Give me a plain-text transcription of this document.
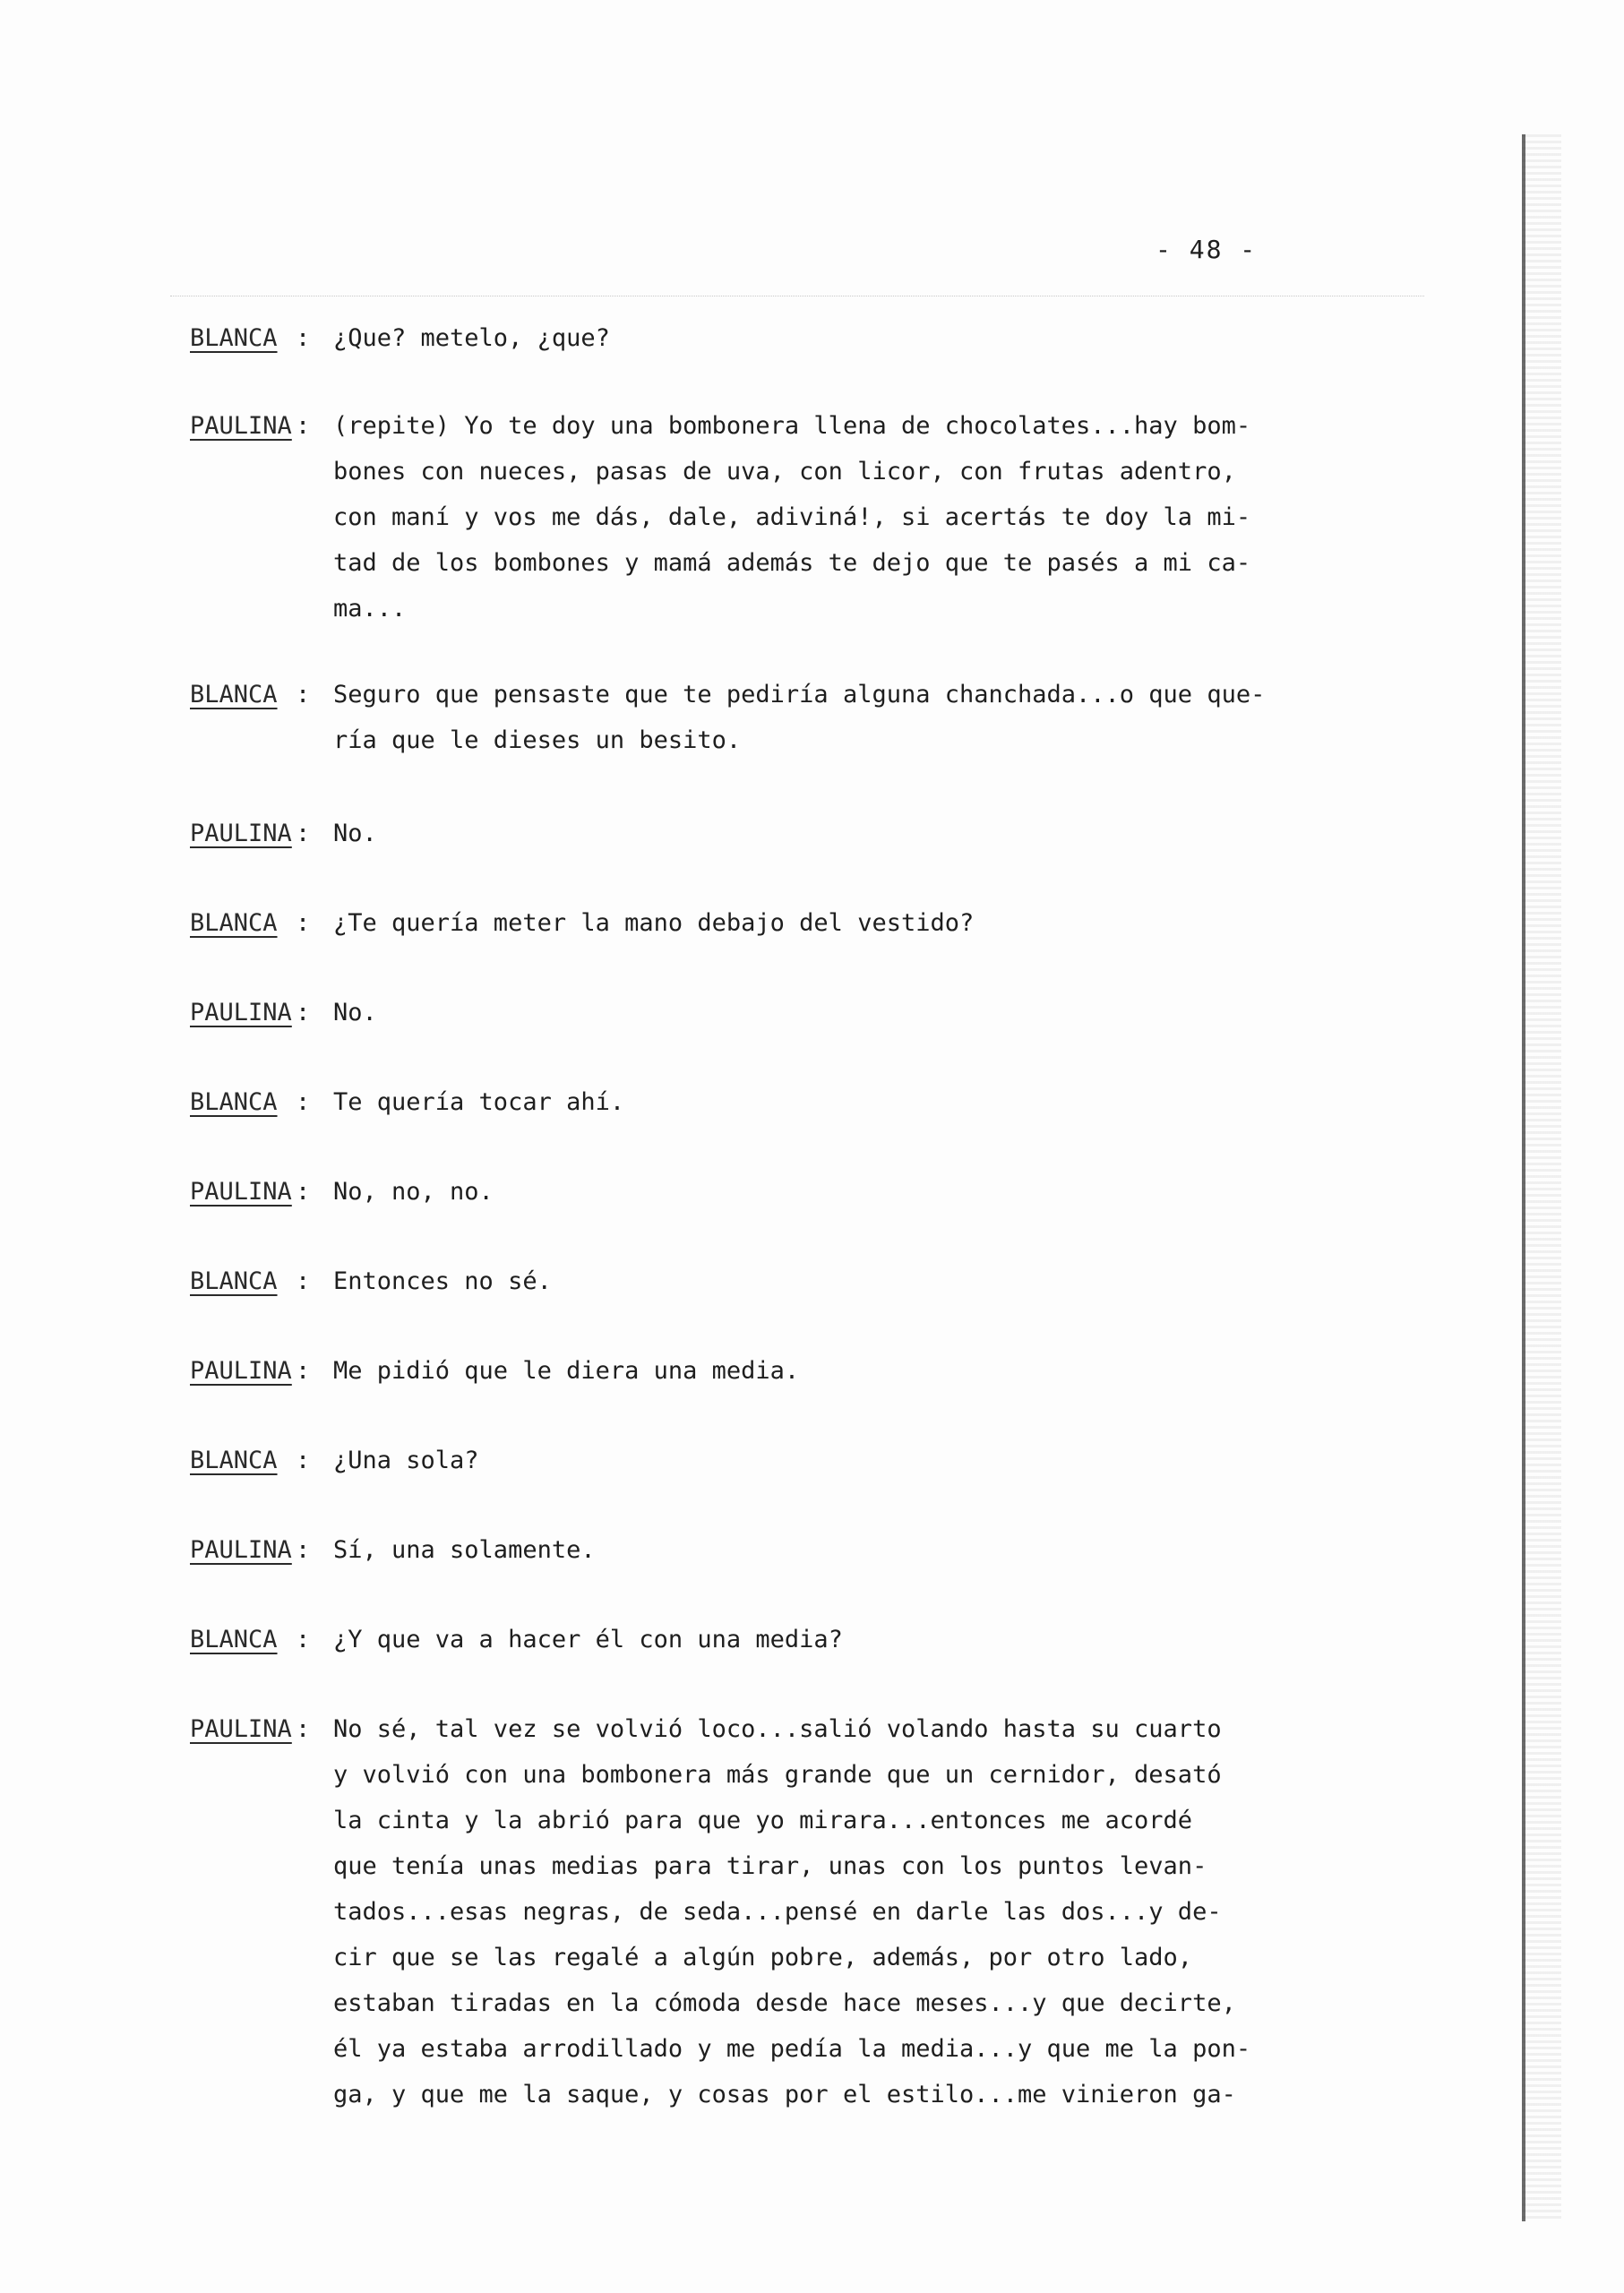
- 48 -
BLANCA : ¿Que? metelo, ¿que?
PAULINA : (repite) Yo te doy una bombonera llena de chocolates...hay bom-
bones con nueces, pasas de uva, con licor, con frutas adentro,
con maní y vos me dás, dale, adiviná!, si acertás te doy la mi-
tad de los bombones y mamá además te dejo que te pasés a mi ca-
ma...
BLANCA : Seguro que pensaste que te pediría alguna chanchada...o que que-
ría que le dieses un besito.
PAULINA : No.
BLANCA : ¿Te quería meter la mano debajo del vestido?
PAULINA : No.
BLANCA : Te quería tocar ahí.
PAULINA : No, no, no.
BLANCA : Entonces no sé.
PAULINA : Me pidió que le diera una media.
BLANCA : ¿Una sola?
PAULINA : Sí, una solamente.
BLANCA : ¿Y que va a hacer él con una media?
PAULINA : No sé, tal vez se volvió loco...salió volando hasta su cuarto
y volvió con una bombonera más grande que un cernidor, desató
la cinta y la abrió para que yo mirara...entonces me acordé
que tenía unas medias para tirar, unas con los puntos levan-
tados...esas negras, de seda...pensé en darle las dos...y de-
cir que se las regalé a algún pobre, además, por otro lado,
estaban tiradas en la cómoda desde hace meses...y que decirte,
él ya estaba arrodillado y me pedía la media...y que me la pon-
ga, y que me la saque, y cosas por el estilo...me vinieron ga-
